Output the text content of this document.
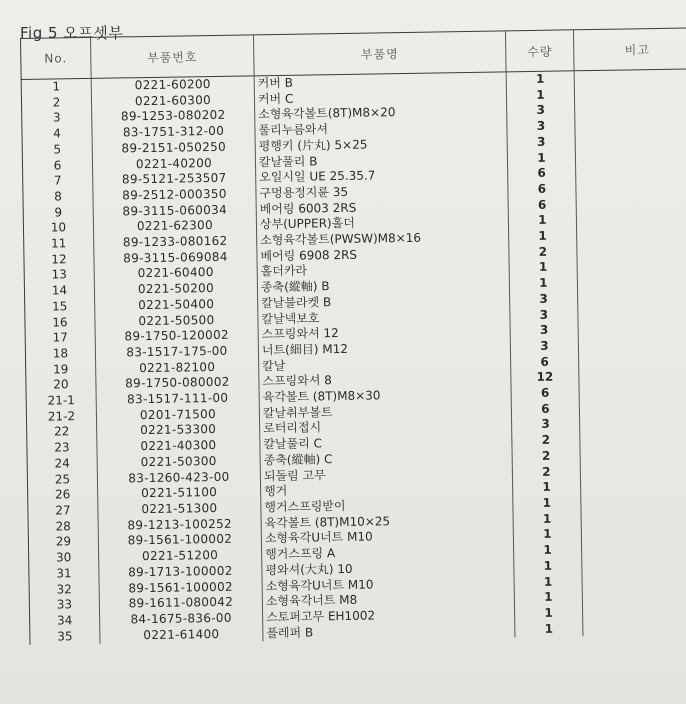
Fig 5 오프셋부
No.	부품번호	부품명	수량	비고
1	0221-60200	커버 B	1	
2	0221-60300	커버 C	1	
3	89-1253-080202	소형육각볼트(8T)M8×20	3	
4	83-1751-312-00	풀리누름와셔	3	
5	89-2151-050250	평행키 (片丸) 5×25	3	
6	0221-40200	칼날풀리 B	1	
7	89-5121-253507	오일시일 UE 25.35.7	6	
8	89-2512-000350	구멍용정지륜 35	6	
9	89-3115-060034	베어링 6003 2RS	6	
10	0221-62300	상부(UPPER)홀더	1	
11	89-1233-080162	소형육각볼트(PWSW)M8×16	1	
12	89-3115-069084	베어링 6908 2RS	2	
13	0221-60400	홀더카라	1	
14	0221-50200	종축(縱軸) B	1	
15	0221-50400	칼날블라켓 B	3	
16	0221-50500	칼날넥보호	3	
17	89-1750-120002	스프링와셔 12	3	
18	83-1517-175-00	너트(細目) M12	3	
19	0221-82100	칼날	6	
20	89-1750-080002	스프링와셔 8	12	
21-1	83-1517-111-00	육각볼트 (8T)M8×30	6	
21-2	0201-71500	칼날취부볼트	6	
22	0221-53300	로터리접시	3	
23	0221-40300	칼날풀리 C	2	
24	0221-50300	종축(縱軸) C	2	
25	83-1260-423-00	되돌림 고무	2	
26	0221-51100	행거	1	
27	0221-51300	행거스프링받이	1	
28	89-1213-100252	육각볼트 (8T)M10×25	1	
29	89-1561-100002	소형육각U너트 M10	1	
30	0221-51200	행거스프링 A	1	
31	89-1713-100002	평와셔(大丸) 10	1	
32	89-1561-100002	소형육각U너트 M10	1	
33	89-1611-080042	소형육각너트 M8	1	
34	84-1675-836-00	스토퍼고무 EH1002	1	
35	0221-61400	플레퍼 B	1	
